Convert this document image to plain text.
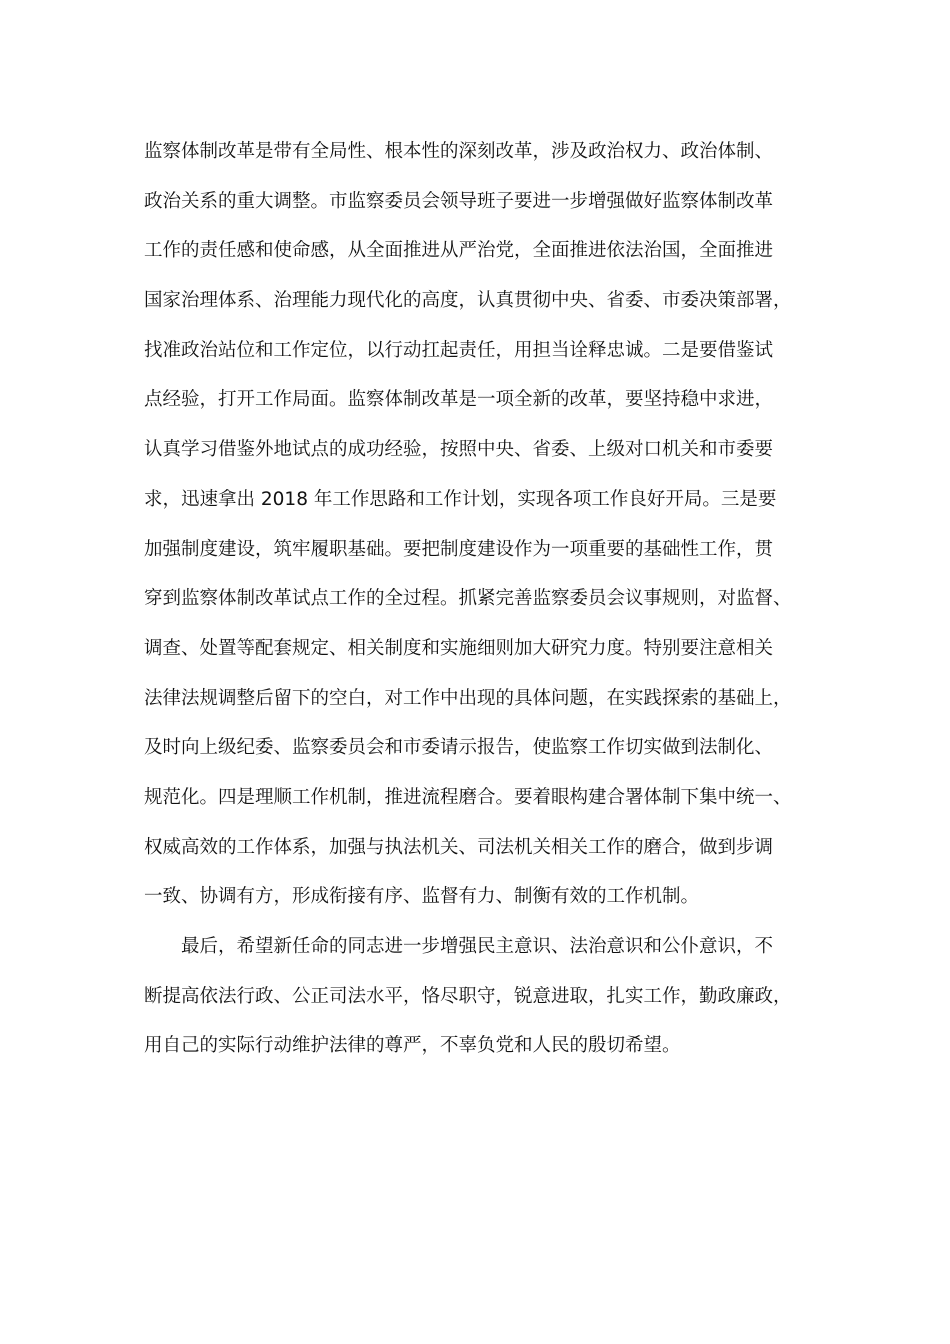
监察体制改革是带有全局性、根本性的深刻改革，涉及政治权力、政治体制、
政治关系的重大调整。市监察委员会领导班子要进一步增强做好监察体制改革
工作的责任感和使命感，从全面推进从严治党，全面推进依法治国，全面推进
国家治理体系、治理能力现代化的高度，认真贯彻中央、省委、市委决策部署，
找准政治站位和工作定位，以行动扛起责任，用担当诠释忠诚。二是要借鉴试
点经验，打开工作局面。监察体制改革是一项全新的改革，要坚持稳中求进，
认真学习借鉴外地试点的成功经验，按照中央、省委、上级对口机关和市委要
求，迅速拿出 2018 年工作思路和工作计划，实现各项工作良好开局。三是要
加强制度建设，筑牢履职基础。要把制度建设作为一项重要的基础性工作，贯
穿到监察体制改革试点工作的全过程。抓紧完善监察委员会议事规则，对监督、
调查、处置等配套规定、相关制度和实施细则加大研究力度。特别要注意相关
法律法规调整后留下的空白，对工作中出现的具体问题，在实践探索的基础上，
及时向上级纪委、监察委员会和市委请示报告，使监察工作切实做到法制化、
规范化。四是理顺工作机制，推进流程磨合。要着眼构建合署体制下集中统一、
权威高效的工作体系，加强与执法机关、司法机关相关工作的磨合，做到步调
一致、协调有方，形成衔接有序、监督有力、制衡有效的工作机制。
最后，希望新任命的同志进一步增强民主意识、法治意识和公仆意识，不
断提高依法行政、公正司法水平，恪尽职守，锐意进取，扎实工作，勤政廉政，
用自己的实际行动维护法律的尊严，不辜负党和人民的殷切希望。
